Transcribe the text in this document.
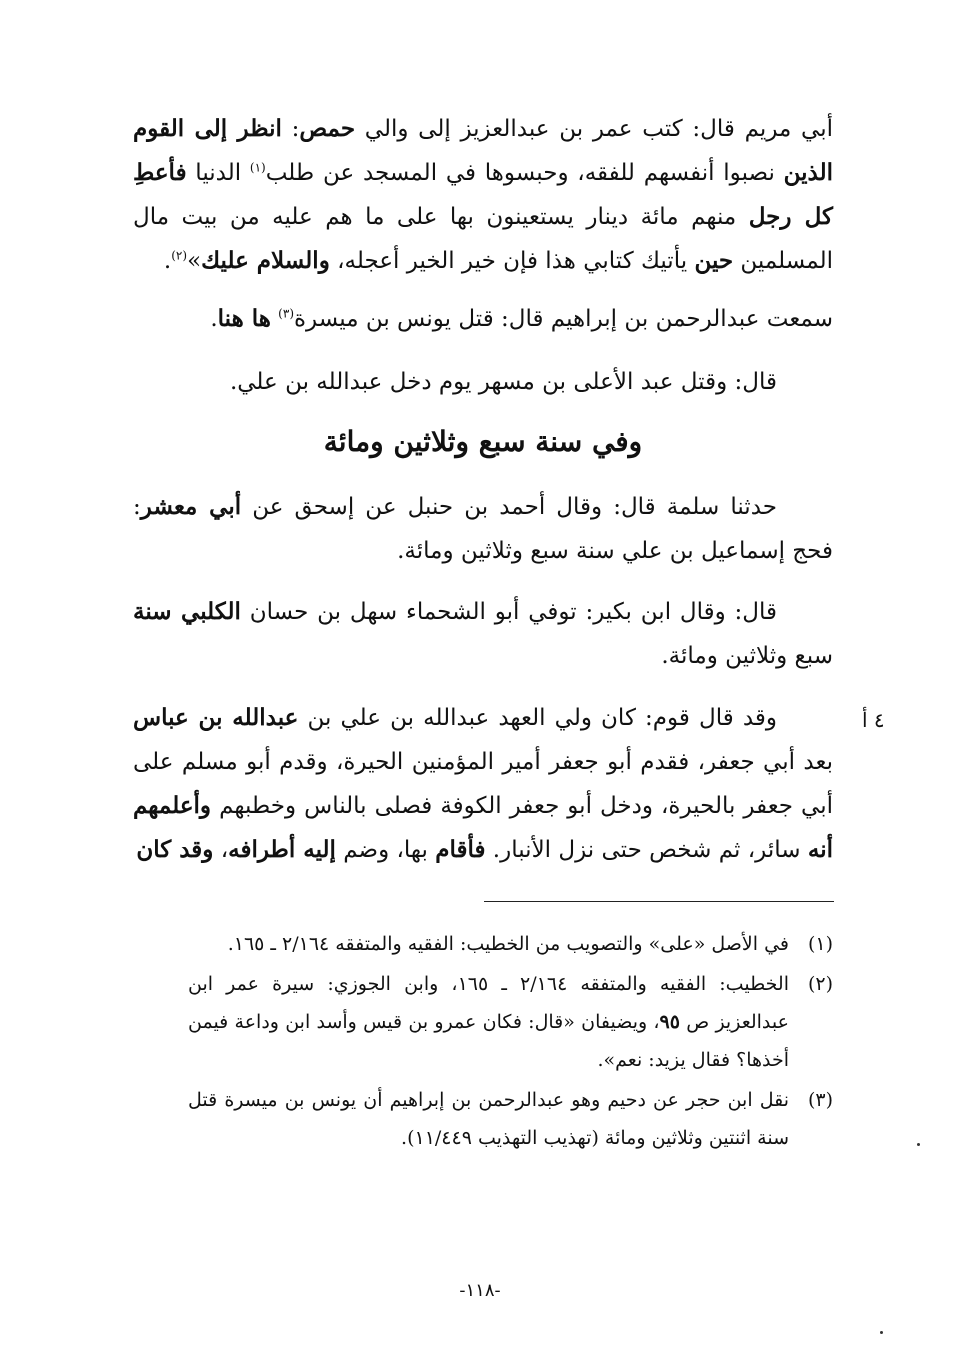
أبي مريم قال: كتب عمر بن عبدالعزيز إلى والي حمص: انظر إلى القوم الذين نصبوا أنفسهم للفقه، وحبسوها في المسجد عن طلب$^{(١)}$ الدنيا فأعطِ كل رجل منهم مائة دينار يستعينون بها على ما هم عليه من بيت مال المسلمين حين يأتيك كتابي هذا فإن خير الخير أعجله، والسلام عليك»$^{(٢)}$.

سمعت عبدالرحمن بن إبراهيم قال: قتل يونس بن ميسرة$^{(٣)}$ ها هنا.

قال: وقتل عبد الأعلى بن مسهر يوم دخل عبدالله بن علي.

وفي سنة سبع وثلاثين ومائة

حدثنا سلمة قال: وقال أحمد بن حنبل عن إسحق عن أبي معشر: فحج إسماعيل بن علي سنة سبع وثلاثين ومائة.

قال: وقال ابن بكير: توفي أبو الشحماء سهل بن حسان الكلبي سنة سبع وثلاثين ومائة.

وقد قال قوم: كان ولي العهد عبدالله بن علي بن عبدالله بن عباس بعد أبي جعفر، فقدم أبو جعفر أمير المؤمنين الحيرة، وقدم أبو مسلم على أبي جعفر بالحيرة، ودخل أبو جعفر الكوفة فصلى بالناس وخطبهم وأعلمهم أنه سائر، ثم شخص حتى نزل الأنبار. فأقام بها، وضم إليه أطرافه، وقد كان

٤ أ
(١)
في الأصل «على» والتصويب من الخطيب: الفقيه والمتفقه ٢/١٦٤ ـ ١٦٥.
(٢)
الخطيب: الفقيه والمتفقه ٢/١٦٤ ـ ١٦٥، وابن الجوزي: سيرة عمر ابن عبدالعزيز ص ٩٥، ويضيفان «قال: فكان عمرو بن قيس وأسد ابن وداعة فيمن أخذها؟ فقال يزيد: نعم».
(٣)
نقل ابن حجر عن دحيم وهو عبدالرحمن بن إبراهيم أن يونس بن ميسرة قتل سنة اثنتين وثلاثين ومائة (تهذيب التهذيب ١١/٤٤٩).
-١١٨-
